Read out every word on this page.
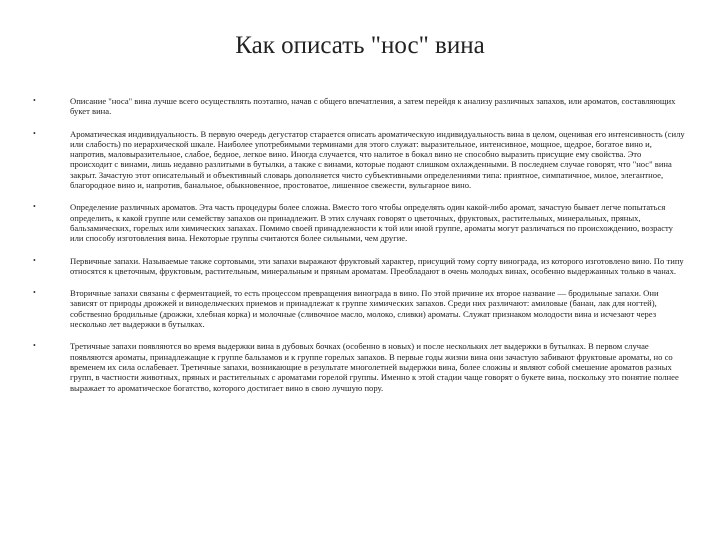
Как описать "нос" вина
•	Описание "носа" вина лучше всего осуществлять поэтапно, начав с общего впечатления, а затем перейдя к анализу различных запахов, или ароматов, составляющих букет вина.
•	Ароматическая индивидуальность. В первую очередь дегустатор старается описать ароматическую индивидуальность вина в целом, оценивая его интенсивность (силу или слабость) по иерархической шкале. Наиболее употребимыми терминами для этого служат: выразительное, интенсивное, мощное, щедрое, богатое вино и, напротив, маловыразительное, слабое, бедное, легкое вино. Иногда случается, что налитое в бокал вино не способно выразить присущие ему свойства. Это происходит с винами, лишь недавно разлитыми в бутылки, а также с винами, которые подают слишком охлажденными. В последнем случае говорят, что "нос" вина закрыт. Зачастую этот описательный и объективный словарь дополняется чисто субъективными определениями типа: приятное, симпатичное, милое, элегантное, благородное вино и, напротив, банальное, обыкновенное, простоватое, лишенное свежести, вульгарное вино.
•	Определение различных ароматов. Эта часть процедуры более сложна. Вместо того чтобы определять один какой-либо аромат, зачастую бывает легче попытаться определить, к какой группе или семейству запахов он принадлежит. В этих случаях говорят о цветочных, фруктовых, растительных, минеральных, пряных, бальзамических, горелых или химических запахах. Помимо своей принадлежности к той или иной группе, ароматы могут различаться по происхождению, возрасту или способу изготовления вина. Некоторые группы считаются более сильными, чем другие.
•	Первичные запахи. Называемые также сортовыми, эти запахи выражают фруктовый характер, присущий тому сорту винограда, из которого изготовлено вино. По типу относятся к цветочным, фруктовым, растительным, минеральным и пряным ароматам. Преобладают в очень молодых винах, особенно выдержанных только в чанах.
•	Вторичные запахи связаны с ферментацией, то есть процессом превращения винограда в вино. По этой причине их второе название — бродильные запахи. Они зависят от природы дрожжей и винодельческих приемов и принадлежат к группе химических запахов. Среди них различают: амиловые (банан, лак для ногтей), собственно бродильные (дрожжи, хлебная корка) и молочные (сливочное масло, молоко, сливки) ароматы. Служат признаком молодости вина и исчезают через несколько лет выдержки в бутылках.
•	Третичные запахи появляются во время выдержки вина в дубовых бочках (особенно в новых) и после нескольких лет выдержки в бутылках. В первом случае появляются ароматы, принадлежащие к группе бальзамов и к группе горелых запахов. В первые годы жизни вина они зачастую забивают фруктовые ароматы, но со временем их сила ослабевает. Третичные запахи, возникающие в результате многолетней выдержки вина, более сложны и являют собой смешение ароматов разных групп, в частности животных, пряных и растительных с ароматами горелой группы. Именно к этой стадии чаще говорят о букете вина, поскольку это понятие полнее выражает то ароматическое богатство, которого достигает вино в свою лучшую пору.
